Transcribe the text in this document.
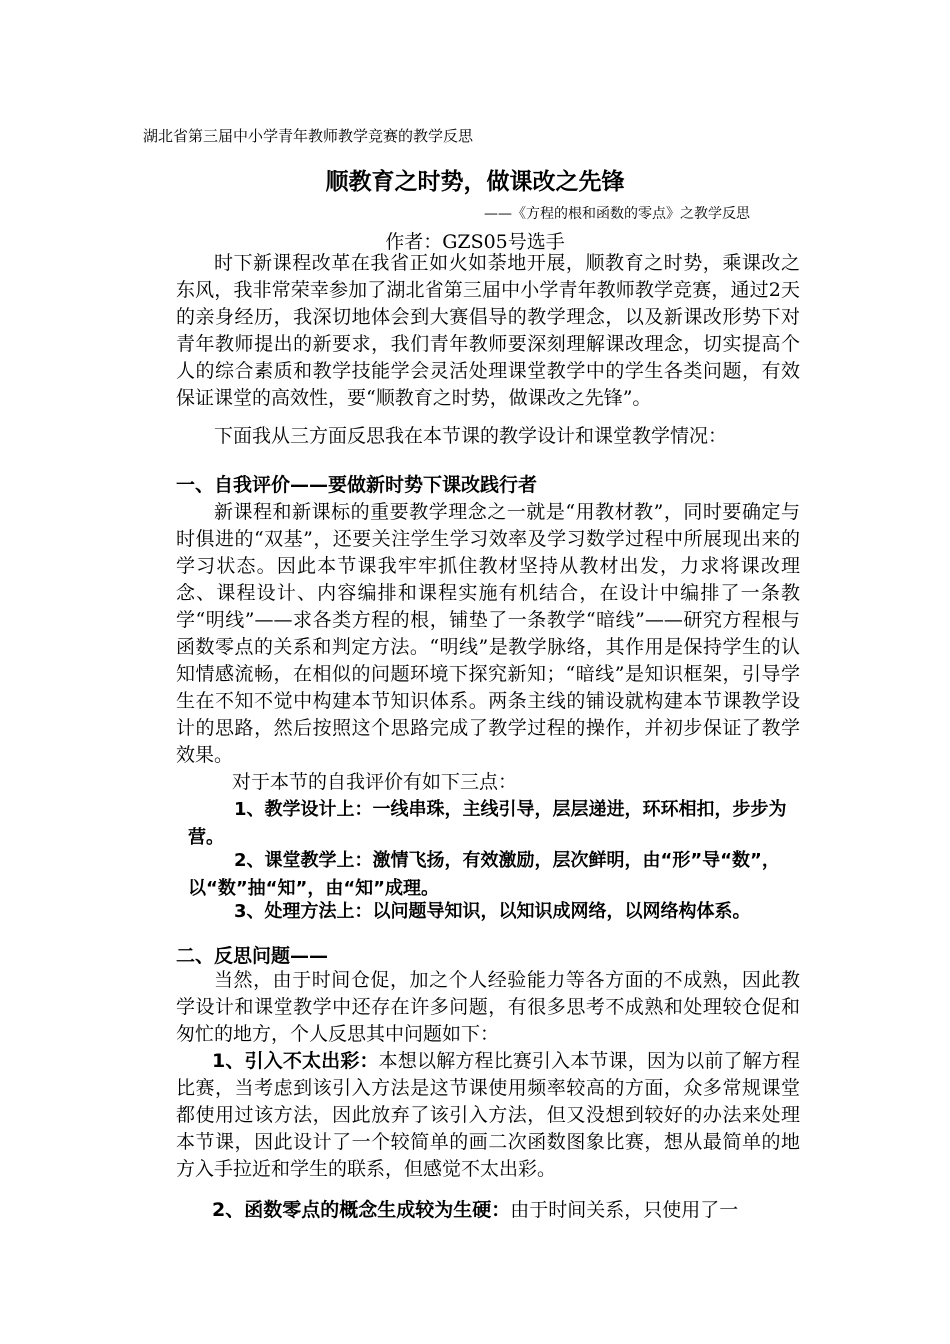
湖北省第三届中小学青年教师教学竞赛的教学反思
顺教育之时势，做课改之先锋
——《方程的根和函数的零点》之教学反思
作者：GZS05号选手

时下新课程改革在我省正如火如荼地开展，顺教育之时势，乘课改之东风，我非常荣幸参加了湖北省第三届中小学青年教师教学竞赛，通过2天的亲身经历，我深切地体会到大赛倡导的教学理念，以及新课改形势下对青年教师提出的新要求，我们青年教师要深刻理解课改理念，切实提高个人的综合素质和教学技能学会灵活处理课堂教学中的学生各类问题，有效保证课堂的高效性，要“顺教育之时势，做课改之先锋”。

下面我从三方面反思我在本节课的教学设计和课堂教学情况：

一、自我评价——要做新时势下课改践行者

新课程和新课标的重要教学理念之一就是“用教材教”，同时要确定与时俱进的“双基”，还要关注学生学习效率及学习数学过程中所展现出来的学习状态。因此本节课我牢牢抓住教材坚持从教材出发，力求将课改理念、课程设计、内容编排和课程实施有机结合，在设计中编排了一条教学“明线”——求各类方程的根，铺垫了一条教学“暗线”——研究方程根与函数零点的关系和判定方法。“明线”是教学脉络，其作用是保持学生的认知情感流畅，在相似的问题环境下探究新知；“暗线”是知识框架，引导学生在不知不觉中构建本节知识体系。两条主线的铺设就构建本节课教学设计的思路，然后按照这个思路完成了教学过程的操作，并初步保证了教学效果。

对于本节的自我评价有如下三点：

1、教学设计上：一线串珠，主线引导，层层递进，环环相扣，步步为营。

2、课堂教学上：激情飞扬，有效激励，层次鲜明，由“形”导“数”，以“数”抽“知”，由“知”成理。

3、处理方法上：以问题导知识，以知识成网络，以网络构体系。

二、反思问题——

当然，由于时间仓促，加之个人经验能力等各方面的不成熟，因此教学设计和课堂教学中还存在许多问题，有很多思考不成熟和处理较仓促和匆忙的地方，个人反思其中问题如下：

1、引入不太出彩：本想以解方程比赛引入本节课，因为以前了解方程比赛，当考虑到该引入方法是这节课使用频率较高的方面，众多常规课堂都使用过该方法，因此放弃了该引入方法，但又没想到较好的办法来处理本节课，因此设计了一个较简单的画二次函数图象比赛，想从最简单的地方入手拉近和学生的联系，但感觉不太出彩。

2、函数零点的概念生成较为生硬：由于时间关系，只使用了一
